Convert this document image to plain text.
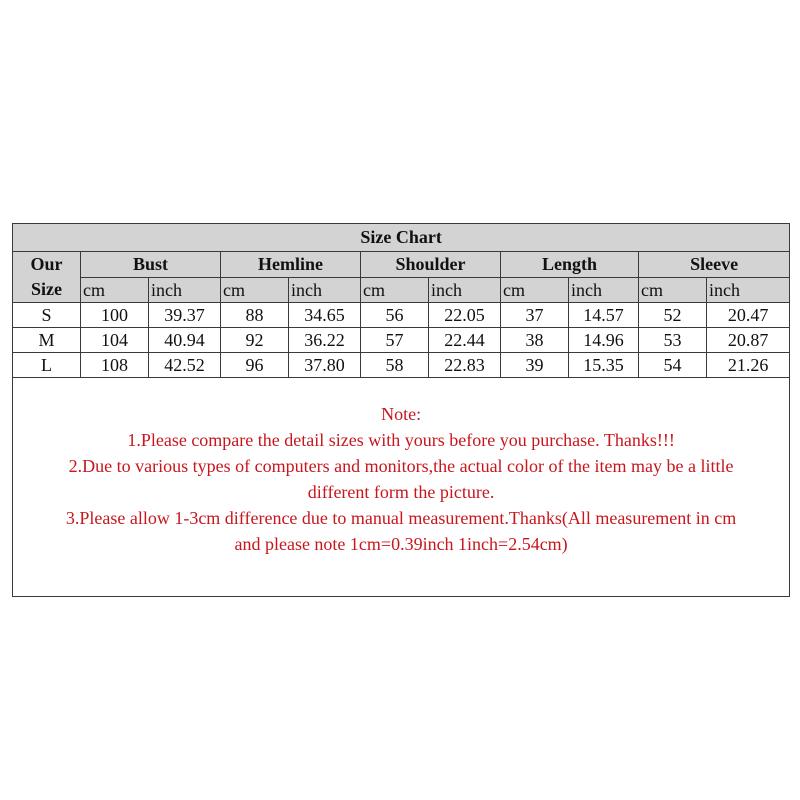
Size Chart										

Our
Size	Bust		Hemline		Shoulder		Length		Sleeve	
	cm	inch	cm	inch	cm	inch	cm	inch	cm	inch
S	100	39.37	88	34.65	56	22.05	37	14.57	52	20.47
M	104	40.94	92	36.22	57	22.44	38	14.96	53	20.87
L	108	42.52	96	37.80	58	22.83	39	15.35	54	21.26

Note:
1.Please compare the detail sizes with yours before you purchase. Thanks!!!
2.Due to various types of computers and monitors,the actual color of the item may be a little
different form the picture.
3.Please allow 1-3cm difference due to manual measurement.Thanks(All measurement in cm
and please note 1cm=0.39inch 1inch=2.54cm)
